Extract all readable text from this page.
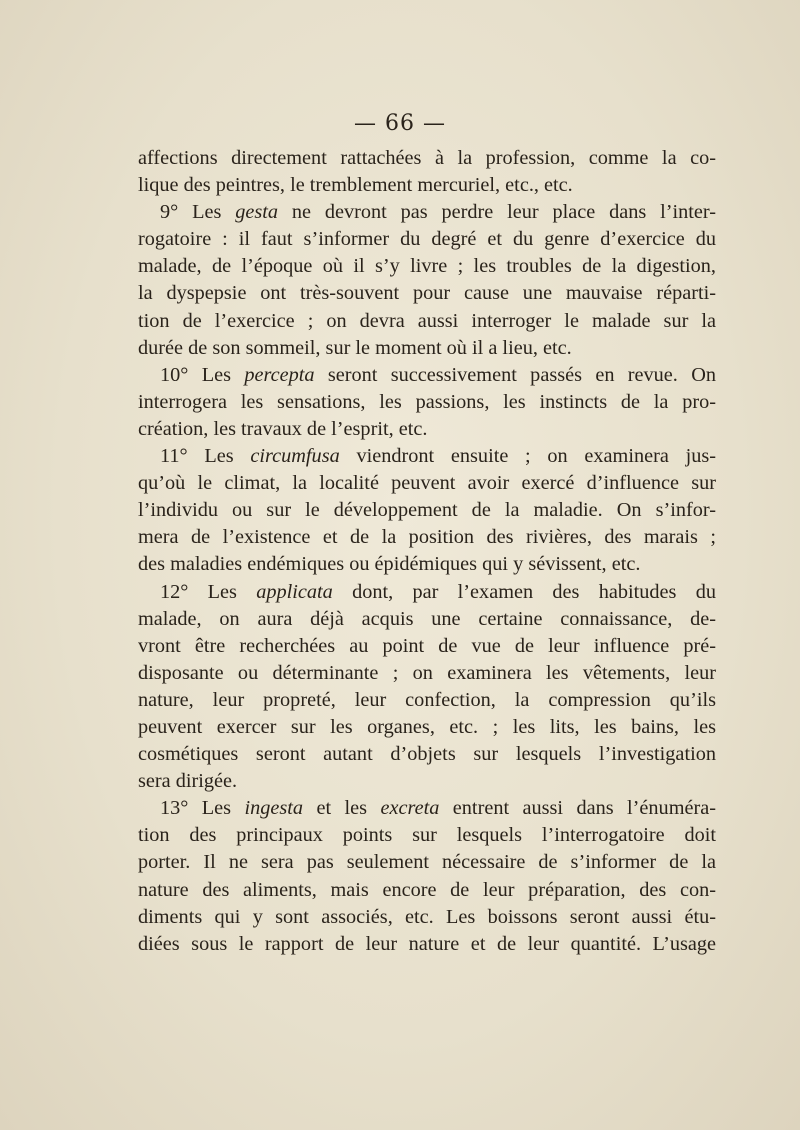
— 66 —
affections directement rattachées à la profession, comme la co-
lique des peintres, le tremblement mercuriel, etc., etc.
9° Les gesta ne devront pas perdre leur place dans l’inter-
rogatoire : il faut s’informer du degré et du genre d’exercice du
malade, de l’époque où il s’y livre ; les troubles de la digestion,
la dyspepsie ont très-souvent pour cause une mauvaise réparti-
tion de l’exercice ; on devra aussi interroger le malade sur la
durée de son sommeil, sur le moment où il a lieu, etc.
10° Les percepta seront successivement passés en revue. On
interrogera les sensations, les passions, les instincts de la pro-
création, les travaux de l’esprit, etc.
11° Les circumfusa viendront ensuite ; on examinera jus-
qu’où le climat, la localité peuvent avoir exercé d’influence sur
l’individu ou sur le développement de la maladie. On s’infor-
mera de l’existence et de la position des rivières, des marais ;
des maladies endémiques ou épidémiques qui y sévissent, etc.
12° Les applicata dont, par l’examen des habitudes du
malade, on aura déjà acquis une certaine connaissance, de-
vront être recherchées au point de vue de leur influence pré-
disposante ou déterminante ; on examinera les vêtements, leur
nature, leur propreté, leur confection, la compression qu’ils
peuvent exercer sur les organes, etc. ; les lits, les bains, les
cosmétiques seront autant d’objets sur lesquels l’investigation
sera dirigée.
13° Les ingesta et les excreta entrent aussi dans l’énuméra-
tion des principaux points sur lesquels l’interrogatoire doit
porter. Il ne sera pas seulement nécessaire de s’informer de la
nature des aliments, mais encore de leur préparation, des con-
diments qui y sont associés, etc. Les boissons seront aussi étu-
diées sous le rapport de leur nature et de leur quantité. L’usage
